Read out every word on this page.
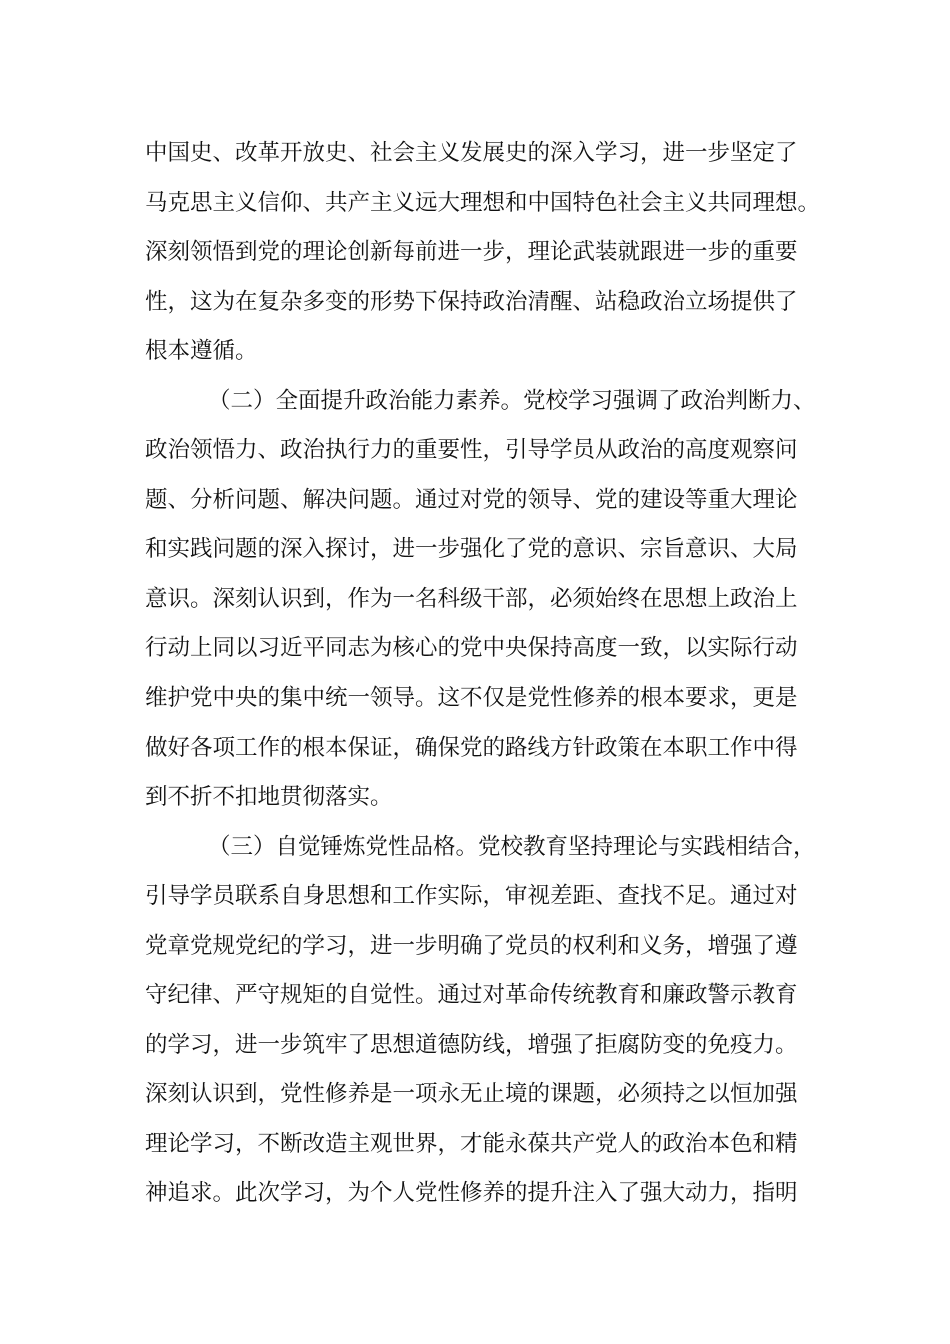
中国史、改革开放史、社会主义发展史的深入学习，进一步坚定了
马克思主义信仰、共产主义远大理想和中国特色社会主义共同理想。
深刻领悟到党的理论创新每前进一步，理论武装就跟进一步的重要
性，这为在复杂多变的形势下保持政治清醒、站稳政治立场提供了
根本遵循。
（二）全面提升政治能力素养。党校学习强调了政治判断力、
政治领悟力、政治执行力的重要性，引导学员从政治的高度观察问
题、分析问题、解决问题。通过对党的领导、党的建设等重大理论
和实践问题的深入探讨，进一步强化了党的意识、宗旨意识、大局
意识。深刻认识到，作为一名科级干部，必须始终在思想上政治上
行动上同以习近平同志为核心的党中央保持高度一致，以实际行动
维护党中央的集中统一领导。这不仅是党性修养的根本要求，更是
做好各项工作的根本保证，确保党的路线方针政策在本职工作中得
到不折不扣地贯彻落实。
（三）自觉锤炼党性品格。党校教育坚持理论与实践相结合，
引导学员联系自身思想和工作实际，审视差距、查找不足。通过对
党章党规党纪的学习，进一步明确了党员的权利和义务，增强了遵
守纪律、严守规矩的自觉性。通过对革命传统教育和廉政警示教育
的学习，进一步筑牢了思想道德防线，增强了拒腐防变的免疫力。
深刻认识到，党性修养是一项永无止境的课题，必须持之以恒加强
理论学习，不断改造主观世界，才能永葆共产党人的政治本色和精
神追求。此次学习，为个人党性修养的提升注入了强大动力，指明
